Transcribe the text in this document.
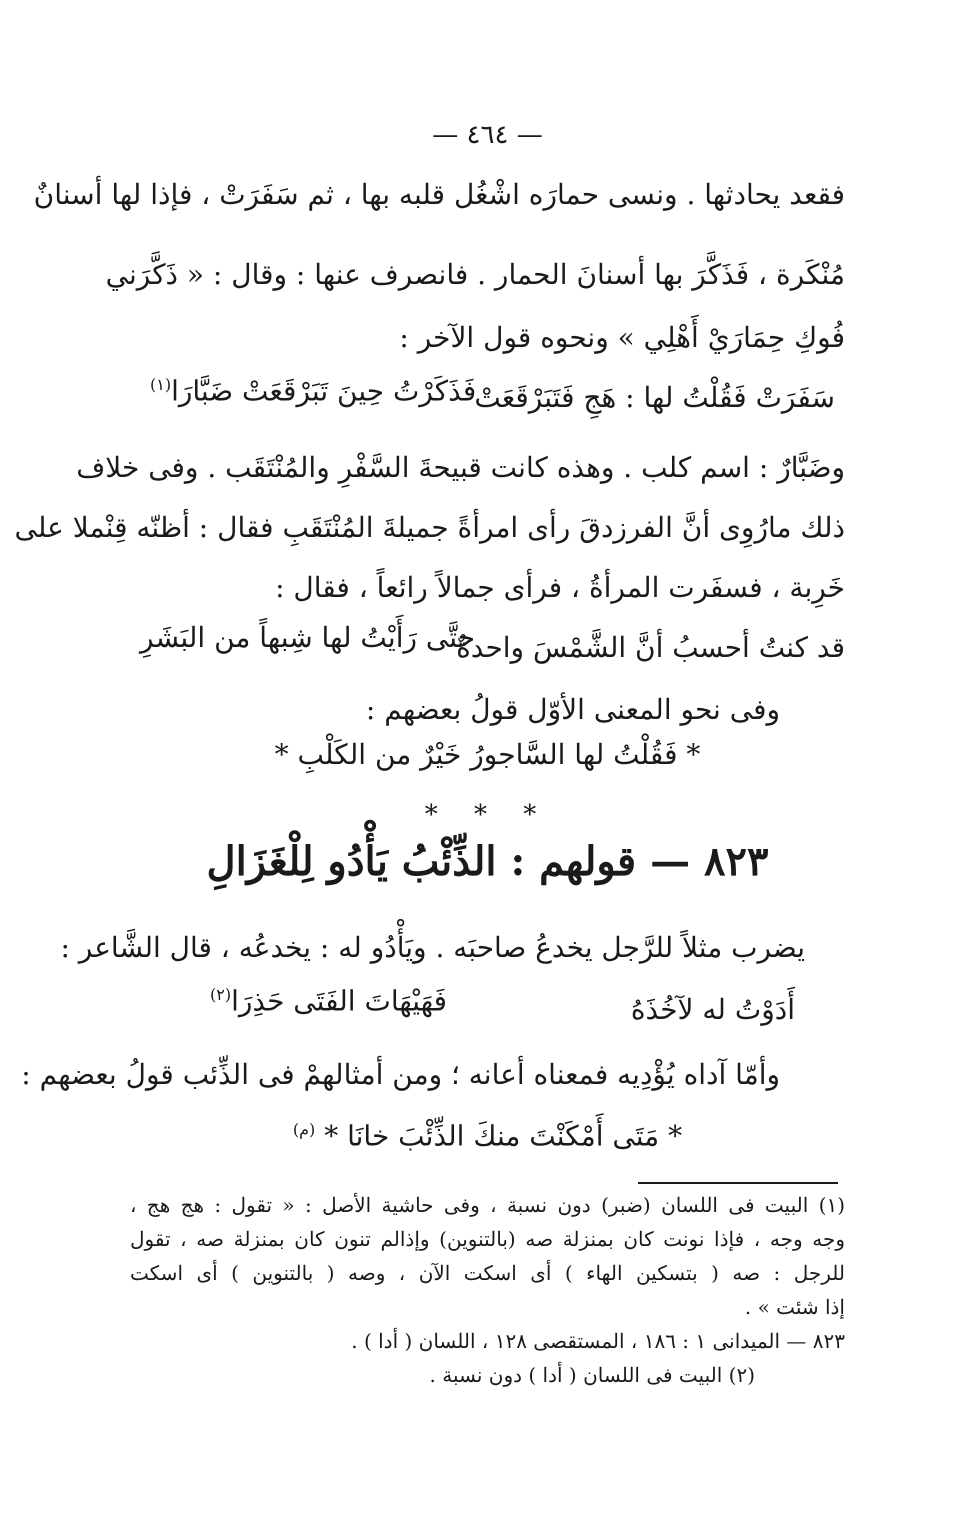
— ٤٦٤ —
فقعد يحادثها . ونسى حمارَه اشْغُل قلبه بها ، ثم سَفَرَتْ ، فإذا لها أسنانٌ
مُنْكَرة ، فَذَكَّرَ بها أسنانَ الحمار . فانصرف عنها : وقال : « ذَكَّرَني
فُوكِ حِمَارَيْ أَهْلِي » ونحوه قول الآخر :
سَفَرَتْ فَقُلْتُ لها : هَجِ فَتَبَرْقَعَتْ
فَذَكَرْتُ حِينَ تَبَرْقَعَتْ ضَبَّارَا$^{(١)}$
وضَبَّارٌ : اسم كلب . وهذه كانت قبيحةَ السَّفْرِ والمُنْتَقَب . وفى خلاف
ذلك مارُوِى أنَّ الفرزدقَ رأى امرأةً جميلةَ المُنْتَقَبِ فقال : أظنّه قِنْملا على
خَرِبة ، فسفَرت المرأةُ ، فرأى جمالاً رائعاً ، فقال :
قد كنتُ أحسبُ أنَّ الشَّمْسَ واحدةٌ
حتَّى رَأَيْتُ لها شِبهاً من البَشَرِ
وفى نحو المعنى الأوّل قولُ بعضهم :
* فَقُلْتُ لها السَّاجورُ خَيْرٌ من الكَلْبِ *
* * *
٨٢٣ — قولهم : الذِّئْبُ يَأْدُو لِلْغَزَالِ
يضرب مثلاً للرَّجل يخدعُ صاحبَه . ويَأْدُو له : يخدعُه ، قال الشَّاعر :
أَدَوْتُ له لآخُذَهُ
فَهَيْهَاتَ الفَتَى حَذِرَا$^{(٢)}$
وأمّا آداه يُؤْدِيه فمعناه أعانه ؛ ومن أمثالهمْ فى الذِّئب قولُ بعضهم :
* مَتَى أَمْكَنْتَ منكَ الذِّئْبَ خانَا * $^{(م)}$
(١) البيت فى اللسان (ضبر) دون نسبة ، وفى حاشية الأصل : « تقول : هج هج ،
وجه وجه ، فإذا نونت كان بمنزلة صه (بالتنوين) وإذالم تنون كان بمنزلة صه ، تقول
للرجل : صه ( بتسكين الهاء ) أى اسكت الآن ، وصه ( بالتنوين ) أى اسكت
إذا شئت » .
٨٢٣ — الميدانى ١ : ١٨٦ ، المستقصى ١٢٨ ، اللسان ( أدا ) .
(٢) البيت فى اللسان ( أدا ) دون نسبة .
